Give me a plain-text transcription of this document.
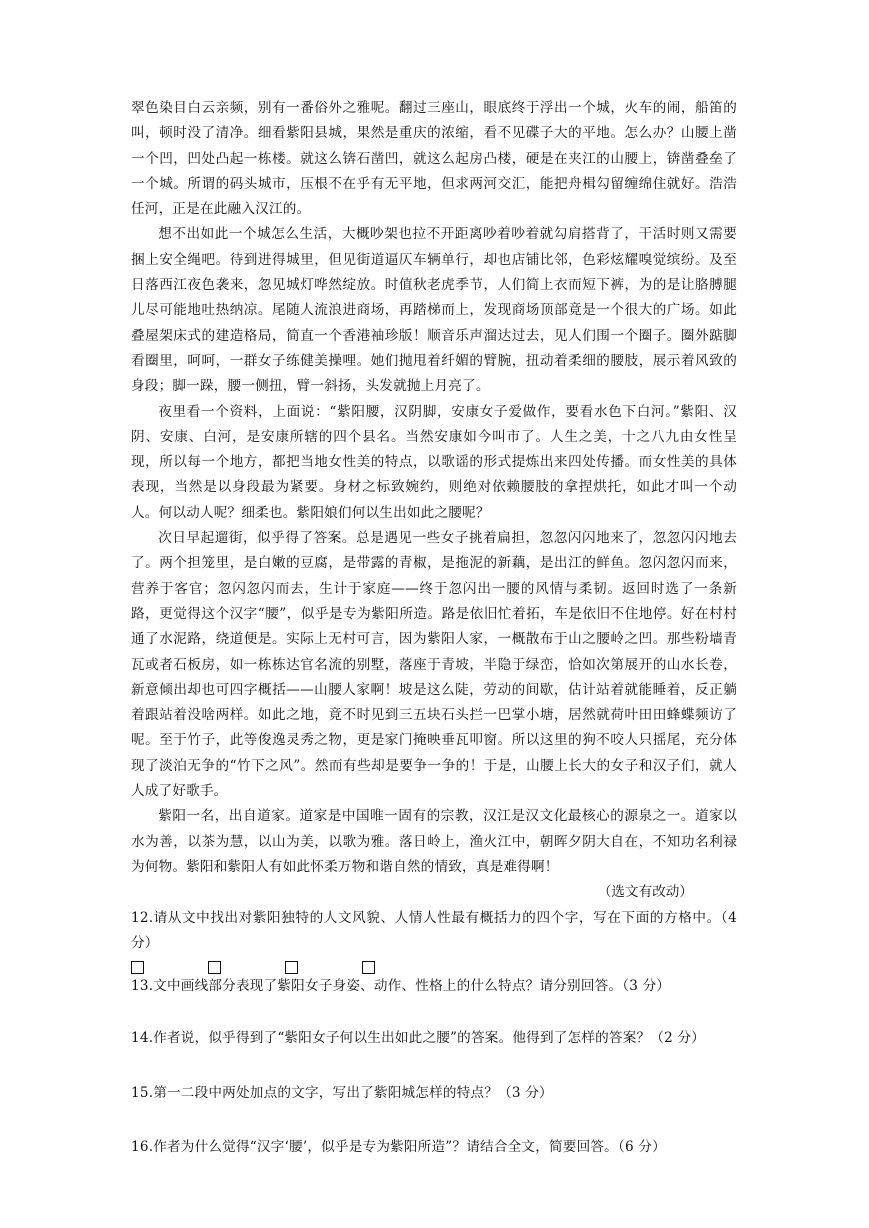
翠色染目白云亲频，别有一番俗外之雅呢。翻过三座山，眼底终于浮出一个城，火车的闹，船笛的叫，顿时没了清净。细看紫阳县城，果然是重庆的浓缩，看不见碟子大的平地。怎么办？山腰上凿一个凹，凹处凸起一栋楼。就这么锛石凿凹，就这么起房凸楼，硬是在夹江的山腰上，锛凿叠垒了一个城。所谓的码头城市，压根不在乎有无平地，但求两河交汇，能把舟楫勾留缠绵住就好。浩浩任河，正是在此融入汉江的。

想不出如此一个城怎么生活，大概吵架也拉不开距离吵着吵着就勾肩搭背了，干活时则又需要捆上安全绳吧。待到进得城里，但见街道逼仄车辆单行，却也店铺比邻，色彩炫耀嗅觉缤纷。及至日落西江夜色袭来，忽见城灯哗然绽放。时值秋老虎季节，人们简上衣而短下裤，为的是让胳膊腿儿尽可能地吐热纳凉。尾随人流浪进商场，再踏梯而上，发现商场顶部竟是一个很大的广场。如此叠屋架床式的建造格局，简直一个香港袖珍版！顺音乐声溜达过去，见人们围一个圈子。圈外踮脚看圈里，呵呵，一群女子练健美操哩。她们抛甩着纤媚的臂腕，扭动着柔细的腰肢，展示着风致的身段；脚一跺，腰一侧扭，臂一斜扬，头发就抛上月亮了。

夜里看一个资料，上面说：“紫阳腰，汉阴脚，安康女子爱做作，要看水色下白河。”紫阳、汉阴、安康、白河，是安康所辖的四个县名。当然安康如今叫市了。人生之美，十之八九由女性呈现，所以每一个地方，都把当地女性美的特点，以歌谣的形式提炼出来四处传播。而女性美的具体表现，当然是以身段最为紧要。身材之标致婉约，则绝对依赖腰肢的拿捏烘托，如此才叫一个动人。何以动人呢？细柔也。紫阳娘们何以生出如此之腰呢？

次日早起遛街，似乎得了答案。总是遇见一些女子挑着扁担，忽忽闪闪地来了，忽忽闪闪地去了。两个担笼里，是白嫩的豆腐，是带露的青椒，是拖泥的新藕，是出江的鲜鱼。忽闪忽闪而来，营养于客官；忽闪忽闪而去，生计于家庭——终于忽闪出一腰的风情与柔韧。返回时选了一条新路，更觉得这个汉字“腰”，似乎是专为紫阳所造。路是依旧忙着拓，车是依旧不住地停。好在村村通了水泥路，绕道便是。实际上无村可言，因为紫阳人家，一概散布于山之腰岭之凹。那些粉墙青瓦或者石板房，如一栋栋达官名流的别墅，落座于青坡，半隐于绿峦，恰如次第展开的山水长卷，新意倾出却也可四字概括——山腰人家啊！坡是这么陡，劳动的间歇，估计站着就能睡着，反正躺着跟站着没啥两样。如此之地，竟不时见到三五块石头拦一巴掌小塘，居然就荷叶田田蜂蝶频访了呢。至于竹子，此等俊逸灵秀之物，更是家门掩映垂瓦叩窗。所以这里的狗不咬人只摇尾，充分体现了淡泊无争的“竹下之风”。然而有些却是要争一争的！于是，山腰上长大的女子和汉子们，就人人成了好歌手。

紫阳一名，出自道家。道家是中国唯一固有的宗教，汉江是汉文化最核心的源泉之一。道家以水为善，以茶为慧，以山为美，以歌为雅。落日岭上，渔火江中，朝晖夕阴大自在，不知功名利禄为何物。紫阳和紫阳人有如此怀柔万物和谐自然的情致，真是难得啊！

（选文有改动）

12.请从文中找出对紫阳独特的人文风貌、人情人性最有概括力的四个字，写在下面的方格中。（4 分）

13.文中画线部分表现了紫阳女子身姿、动作、性格上的什么特点？请分别回答。（3 分）

14.作者说，似乎得到了“紫阳女子何以生出如此之腰”的答案。他得到了怎样的答案？（2 分）

15.第一二段中两处加点的文字，写出了紫阳城怎样的特点？（3 分）

16.作者为什么觉得“汉字‘腰’，似乎是专为紫阳所造”？请结合全文，简要回答。（6 分）
